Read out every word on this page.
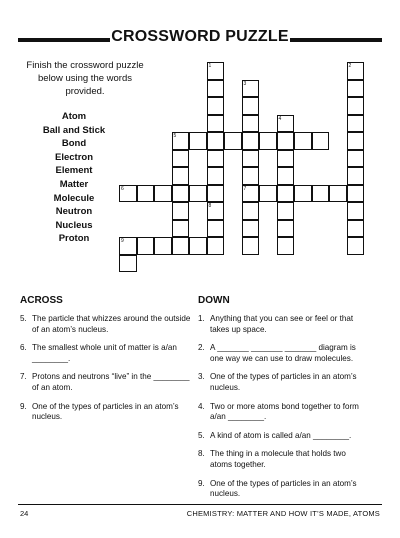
CROSSWORD PUZZLE
Finish the crossword puzzle below using the words provided.
Atom
Ball and Stick
Bond
Electron
Element
Matter
Molecule
Neutron
Nucleus
Proton
1	2
3
4
5
6	7
8
9
ACROSS	DOWN
5. The particle that whizzes around the outside of an atom’s nucleus.
6. The smallest whole unit of matter is a/an ________.
7. Protons and neutrons “live” in the ________ of an atom.
9. One of the types of particles in an atom’s nucleus.
1. Anything that you can see or feel or that takes up space.
2. A _______ _______ _______ diagram is one way we can use to draw molecules.
3. One of the types of particles in an atom’s nucleus.
4. Two or more atoms bond together to form a/an ________.
5. A kind of atom is called a/an ________.
8. The thing in a molecule that holds two atoms together.
9. One of the types of particles in an atom’s nucleus.
24	CHEMISTRY: MATTER AND HOW IT’S MADE, ATOMS
